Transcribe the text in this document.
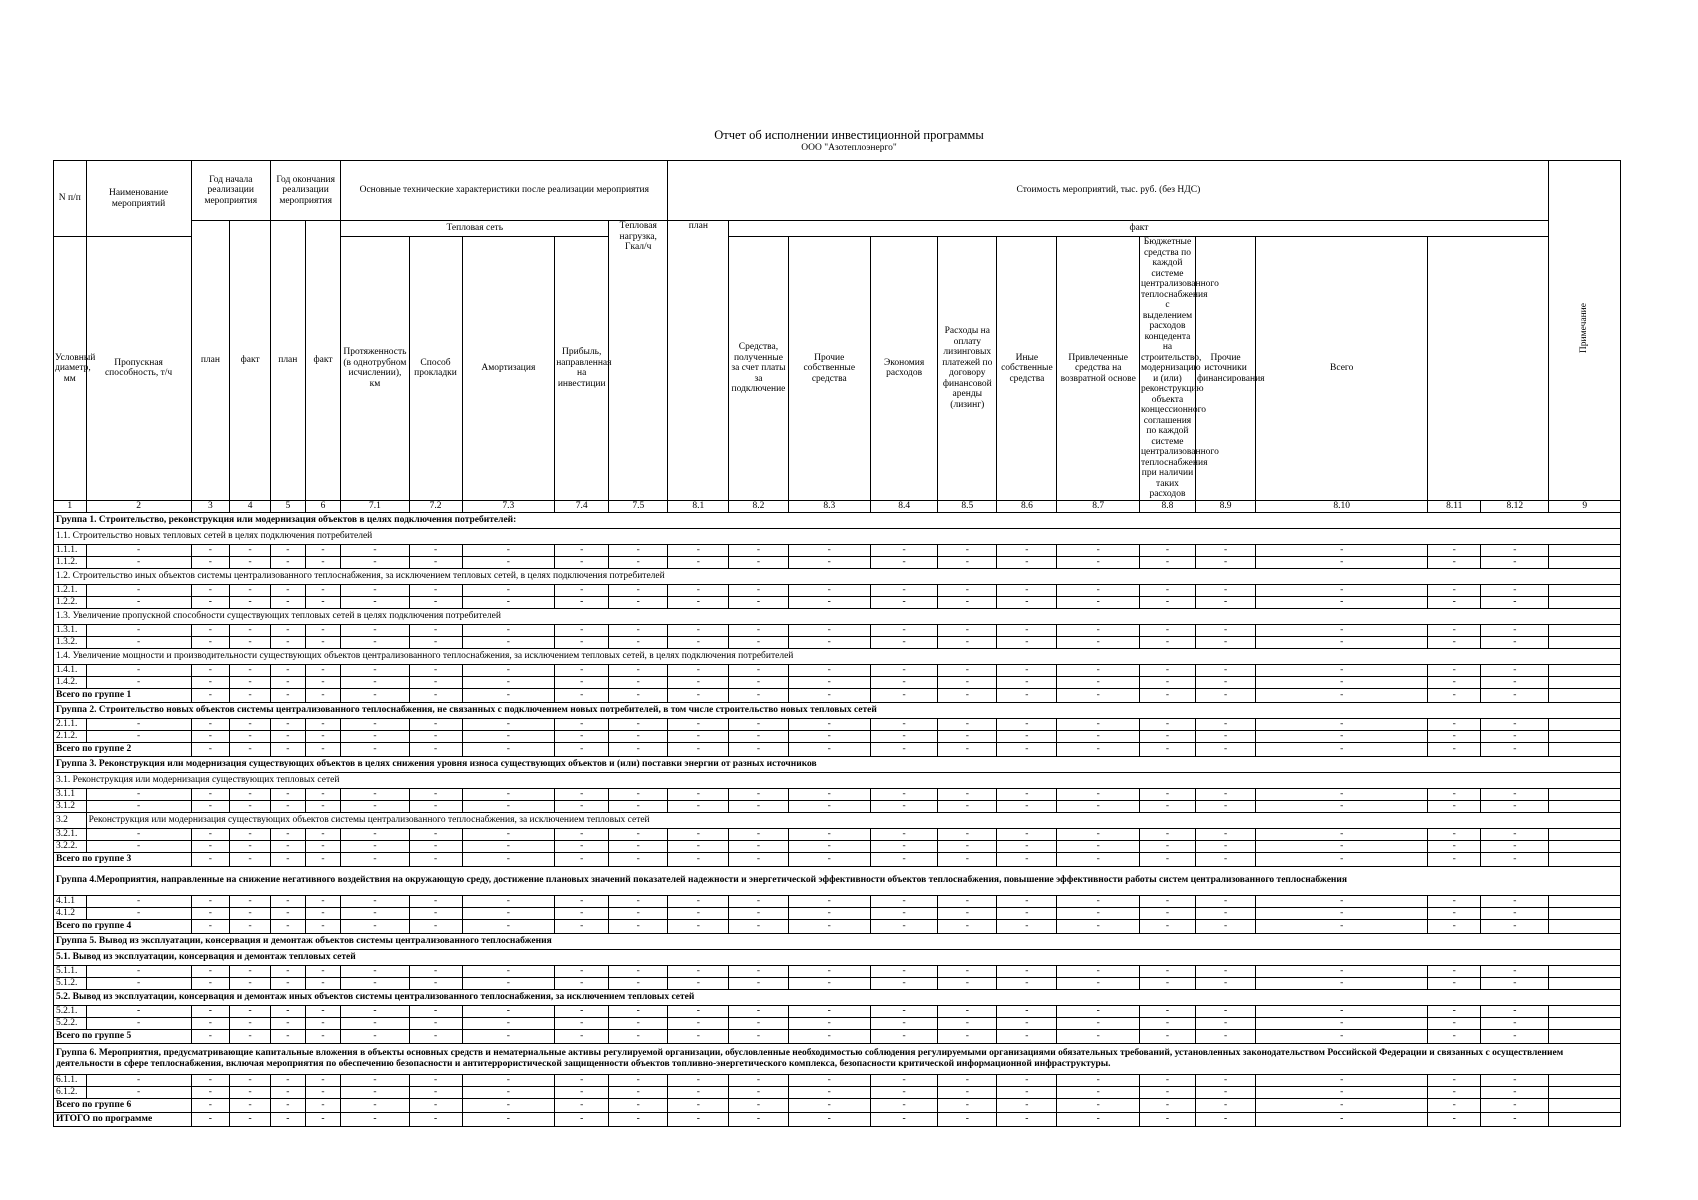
Отчет об исполнении инвестиционной программы
ООО "Азотеплоэнерго"
N п/п	Наименование мероприятий	Год начала реализации мероприятия		Год окончания реализации мероприятия		Основные технические характеристики после реализации мероприятия					Стоимость мероприятий, тыс. руб. (без НДС)												Примечание
		план	факт	план	факт	Тепловая сеть				Тепловая нагрузка, Гкал/ч	план	факт											
Условный диаметр, мм	Пропускная способность, т/ч					Протяженность (в однотрубном исчислении), км	Способ прокладки	Амортизация	Прибыль, направленная на инвестиции			Средства, полученные за счет платы за подключение	Прочие собственные средства	Экономия расходов	Расходы на оплату лизинговых платежей по договору финансовой аренды (лизинг)	Иные собственные средства	Привлеченные средства на возвратной основе	Бюджетные средства по каждой системе централизованного теплоснабжения с выделением расходов концедента на строительство, модернизацию и (или) реконструкцию объекта концессионного соглашения по каждой системе централизованного теплоснабжения при наличии таких расходов	Прочие источники финансирования	Всего			
1	2	3	4	5	6	7.1	7.2	7.3	7.4	7.5	8.1	8.2	8.3	8.4	8.5	8.6	8.7	8.8	8.9	8.10	8.11	8.12	9
Группа 1. Строительство, реконструкция или модернизация объектов в целях подключения потребителей:																							
1.1. Строительство новых тепловых сетей в целях подключения потребителей																							
1.1.1.	-	-	-	-	-	-	-	-	-	-	-	-	-	-	-	-	-	-	-	-	-	-	
1.1.2.	-	-	-	-	-	-	-	-	-	-	-	-	-	-	-	-	-	-	-	-	-	-	
1.2. Строительство иных объектов системы централизованного теплоснабжения, за исключением тепловых сетей, в целях подключения потребителей																							
1.2.1.	-	-	-	-	-	-	-	-	-	-	-	-	-	-	-	-	-	-	-	-	-	-	
1.2.2.	-	-	-	-	-	-	-	-	-	-	-	-	-	-	-	-	-	-	-	-	-	-	
1.3. Увеличение пропускной способности существующих тепловых сетей в целях подключения потребителей																							
1.3.1.	-	-	-	-	-	-	-	-	-	-	-	-	-	-	-	-	-	-	-	-	-	-	
1.3.2.	-	-	-	-	-	-	-	-	-	-	-	-	-	-	-	-	-	-	-	-	-	-	
1.4. Увеличение мощности и производительности существующих объектов централизованного теплоснабжения, за исключением тепловых сетей, в целях подключения потребителей																							
1.4.1.	-	-	-	-	-	-	-	-	-	-	-	-	-	-	-	-	-	-	-	-	-	-	
1.4.2.	-	-	-	-	-	-	-	-	-	-	-	-	-	-	-	-	-	-	-	-	-	-	
Всего по группе 1		-	-	-	-	-	-	-	-	-	-	-	-	-	-	-	-	-	-	-	-	-	
Группа 2. Строительство новых объектов системы централизованного теплоснабжения, не связанных с подключением новых потребителей, в том числе строительство новых тепловых сетей																							
2.1.1.	-	-	-	-	-	-	-	-	-	-	-	-	-	-	-	-	-	-	-	-	-	-	
2.1.2.	-	-	-	-	-	-	-	-	-	-	-	-	-	-	-	-	-	-	-	-	-	-	
Всего по группе 2		-	-	-	-	-	-	-	-	-	-	-	-	-	-	-	-	-	-	-	-	-	
Группа 3. Реконструкция или модернизация существующих объектов в целях снижения уровня износа существующих объектов и (или) поставки энергии от разных источников																							
3.1. Реконструкция или модернизация существующих тепловых сетей																							
3.1.1	-	-	-	-	-	-	-	-	-	-	-	-	-	-	-	-	-	-	-	-	-	-	
3.1.2	-	-	-	-	-	-	-	-	-	-	-	-	-	-	-	-	-	-	-	-	-	-	
3.2	Реконструкция или модернизация существующих объектов системы централизованного теплоснабжения, за исключением тепловых сетей																						
3.2.1.	-	-	-	-	-	-	-	-	-	-	-	-	-	-	-	-	-	-	-	-	-	-	
3.2.2.	-	-	-	-	-	-	-	-	-	-	-	-	-	-	-	-	-	-	-	-	-	-	
Всего по группе 3		-	-	-	-	-	-	-	-	-	-	-	-	-	-	-	-	-	-	-	-	-	
Группа 4.Мероприятия, направленные на снижение негативного воздействия на окружающую среду, достижение плановых значений показателей надежности и энергетической эффективности объектов теплоснабжения, повышение эффективности работы систем централизованного теплоснабжения																							
4.1.1	-	-	-	-	-	-	-	-	-	-	-	-	-	-	-	-	-	-	-	-	-	-	
4.1.2	-	-	-	-	-	-	-	-	-	-	-	-	-	-	-	-	-	-	-	-	-	-	
Всего по группе 4		-	-	-	-	-	-	-	-	-	-	-	-	-	-	-	-	-	-	-	-	-	
Группа 5. Вывод из эксплуатации, консервация и демонтаж объектов системы централизованного теплоснабжения																							
5.1. Вывод из эксплуатации, консервация и демонтаж тепловых сетей																							
5.1.1.	-	-	-	-	-	-	-	-	-	-	-	-	-	-	-	-	-	-	-	-	-	-	
5.1.2.	-	-	-	-	-	-	-	-	-	-	-	-	-	-	-	-	-	-	-	-	-	-	
5.2. Вывод из эксплуатации, консервация и демонтаж иных объектов системы централизованного теплоснабжения, за исключением тепловых сетей																							
5.2.1.	-	-	-	-	-	-	-	-	-	-	-	-	-	-	-	-	-	-	-	-	-	-	
5.2.2.	-	-	-	-	-	-	-	-	-	-	-	-	-	-	-	-	-	-	-	-	-	-	
Всего по группе 5		-	-	-	-	-	-	-	-	-	-	-	-	-	-	-	-	-	-	-	-	-	
Группа 6. Мероприятия, предусматривающие капитальные вложения в объекты основных средств и нематериальные активы регулируемой организации, обусловленные необходимостью соблюдения регулируемыми организациями обязательных требований, установленных законодательством Российской Федерации и связанных с осуществлением деятельности в сфере теплоснабжения, включая мероприятия по обеспечению безопасности и антитеррористической защищенности объектов топливно-энергетического комплекса, безопасности критической информационной инфраструктуры.																							
6.1.1.	-	-	-	-	-	-	-	-	-	-	-	-	-	-	-	-	-	-	-	-	-	-	
6.1.2.	-	-	-	-	-	-	-	-	-	-	-	-	-	-	-	-	-	-	-	-	-	-	
Всего по группе 6		-	-	-	-	-	-	-	-	-	-	-	-	-	-	-	-	-	-	-	-	-	
ИТОГО по программе		-	-	-	-	-	-	-	-	-	-	-	-	-	-	-	-	-	-	-	-	-	
